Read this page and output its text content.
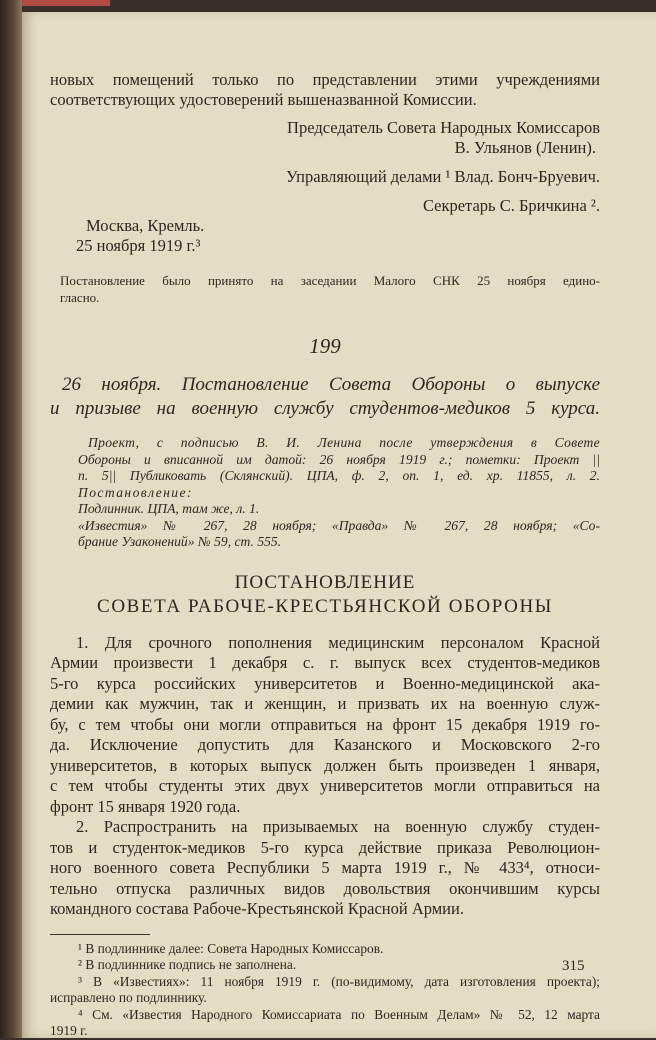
новых помещений только по представлении этими учреждениями

соответствующих удостоверений вышеназванной Комиссии.

Председатель Совета Народных Комиссаров

В. Ульянов (Ленин).

Управляющий делами ¹ Влад. Бонч-Бруевич.

Секретарь С. Бричкина ².

Москва, Кремль.

25 ноября 1919 г.³

Постановление было принято на заседании Малого СНК 25 ноября едино-

гласно.

199

26 ноября. Постановление Совета Обороны о выпуске

и призыве на военную службу студентов-медиков 5 курса.

Проект, с подписью В. И. Ленина после утверждения в Совете

Обороны и вписанной им датой: 26 ноября 1919 г.; пометки: Проект ||

п. 5|| Публиковать (Склянский). ЦПА, ф. 2, оп. 1, ед. хр. 11855, л. 2.

Постановление:

Подлинник. ЦПА, там же, л. 1.

«Известия» № 267, 28 ноября; «Правда» № 267, 28 ноября; «Со-

брание Узаконений» № 59, ст. 555.

ПОСТАНОВЛЕНИЕ

СОВЕТА РАБОЧЕ-КРЕСТЬЯНСКОЙ ОБОРОНЫ

1. Для срочного пополнения медицинским персоналом Красной

Армии произвести 1 декабря с. г. выпуск всех студентов-медиков

5-го курса российских университетов и Военно-медицинской ака-

демии как мужчин, так и женщин, и призвать их на военную служ-

бу, с тем чтобы они могли отправиться на фронт 15 декабря 1919 го-

да. Исключение допустить для Казанского и Московского 2-го

университетов, в которых выпуск должен быть произведен 1 января,

с тем чтобы студенты этих двух университетов могли отправиться на

фронт 15 января 1920 года.

2. Распространить на призываемых на военную службу студен-

тов и студенток-медиков 5-го курса действие приказа Революцион-

ного военного совета Республики 5 марта 1919 г., № 433⁴, относи-

тельно отпуска различных видов довольствия окончившим курсы

командного состава Рабоче-Крестьянской Красной Армии.

¹ В подлиннике далее: Совета Народных Комиссаров.

² В подлиннике подпись не заполнена.

³ В «Известиях»: 11 ноября 1919 г. (по-видимому, дата изготовления проекта);

исправлено по подлиннику.

⁴ См. «Известия Народного Комиссариата по Военным Делам» № 52, 12 марта

1919 г.

315
